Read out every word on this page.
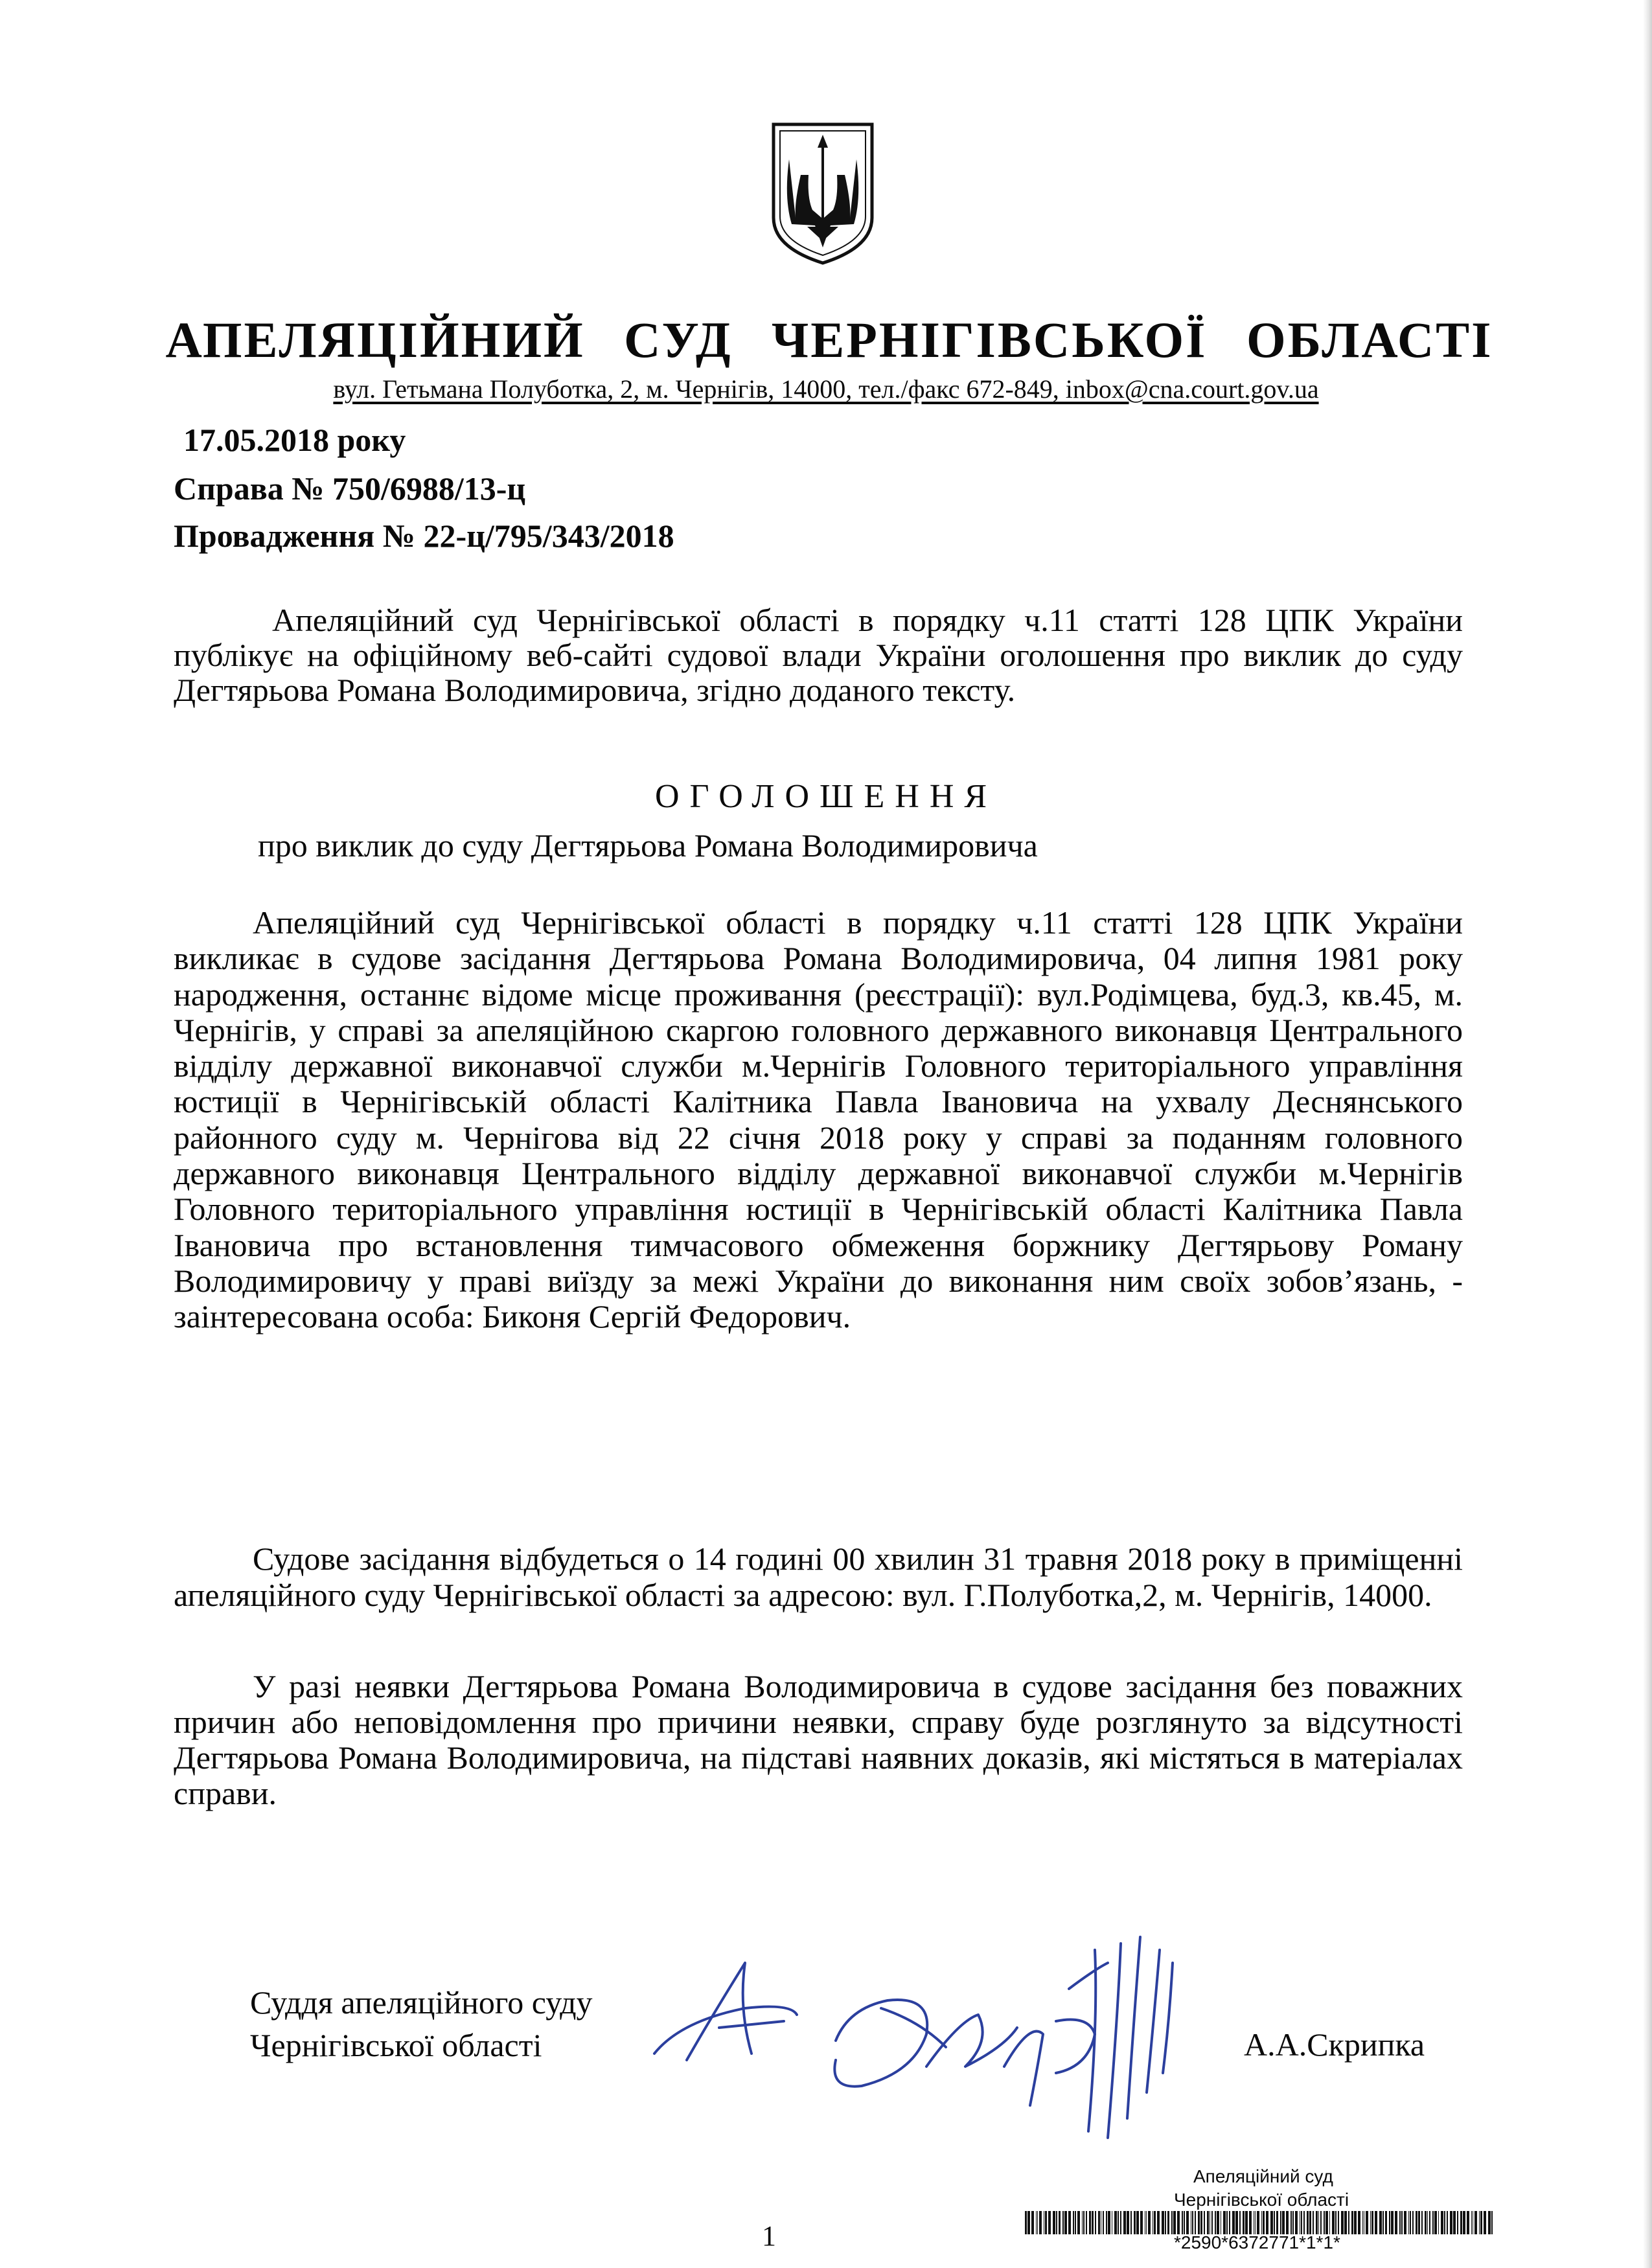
АПЕЛЯЦІЙНИЙ СУД ЧЕРНІГІВСЬКОЇ ОБЛАСТІ
вул. Гетьмана Полуботка, 2, м. Чернігів, 14000, тел./факс 672-849, inbox@cna.court.gov.ua
17.05.2018 року
Справа № 750/6988/13-ц
Провадження № 22-ц/795/343/2018
Апеляційний суд Чернігівської області в порядку ч.11 статті 128 ЦПК України публікує на офіційному веб-сайті судової влади України оголошення про виклик до суду Дегтярьова Романа Володимировича, згідно доданого тексту.
ОГОЛОШЕННЯ
про виклик до суду Дегтярьова Романа Володимировича
Апеляційний суд Чернігівської області в порядку ч.11 статті 128 ЦПК України викликає в судове засідання Дегтярьова Романа Володимировича, 04 липня 1981 року народження, останнє відоме місце проживання (реєстрації): вул.Родімцева, буд.3, кв.45, м. Чернігів, у справі за апеляційною скаргою головного державного виконавця Центрального відділу державної виконавчої служби м.Чернігів Головного територіального управління юстиції в Чернігівській області Калітника Павла Івановича на ухвалу Деснянського районного суду м. Чернігова від 22 січня 2018 року у справі за поданням головного державного виконавця Центрального відділу державної виконавчої служби м.Чернігів Головного територіального управління юстиції в Чернігівській області Калітника Павла Івановича про встановлення тимчасового обмеження боржнику Дегтярьову Роману Володимировичу у праві виїзду за межі України до виконання ним своїх зобов’язань, - заінтересована особа: Биконя Сергій Федорович.
Судове засідання відбудеться о 14 годині 00 хвилин 31 травня 2018 року в приміщенні апеляційного суду Чернігівської області за адресою: вул. Г.Полуботка,2, м. Чернігів, 14000.
У разі неявки Дегтярьова Романа Володимировича в судове засідання без поважних причин або неповідомлення про причини неявки, справу буде розглянуто за відсутності Дегтярьова Романа Володимировича, на підставі наявних доказів, які містяться в матеріалах справи.
Суддя апеляційного суду
Чернігівської області	А.А.Скрипка
Апеляційний суд
Чернігівської області
*2590*6372771*1*1*
1
